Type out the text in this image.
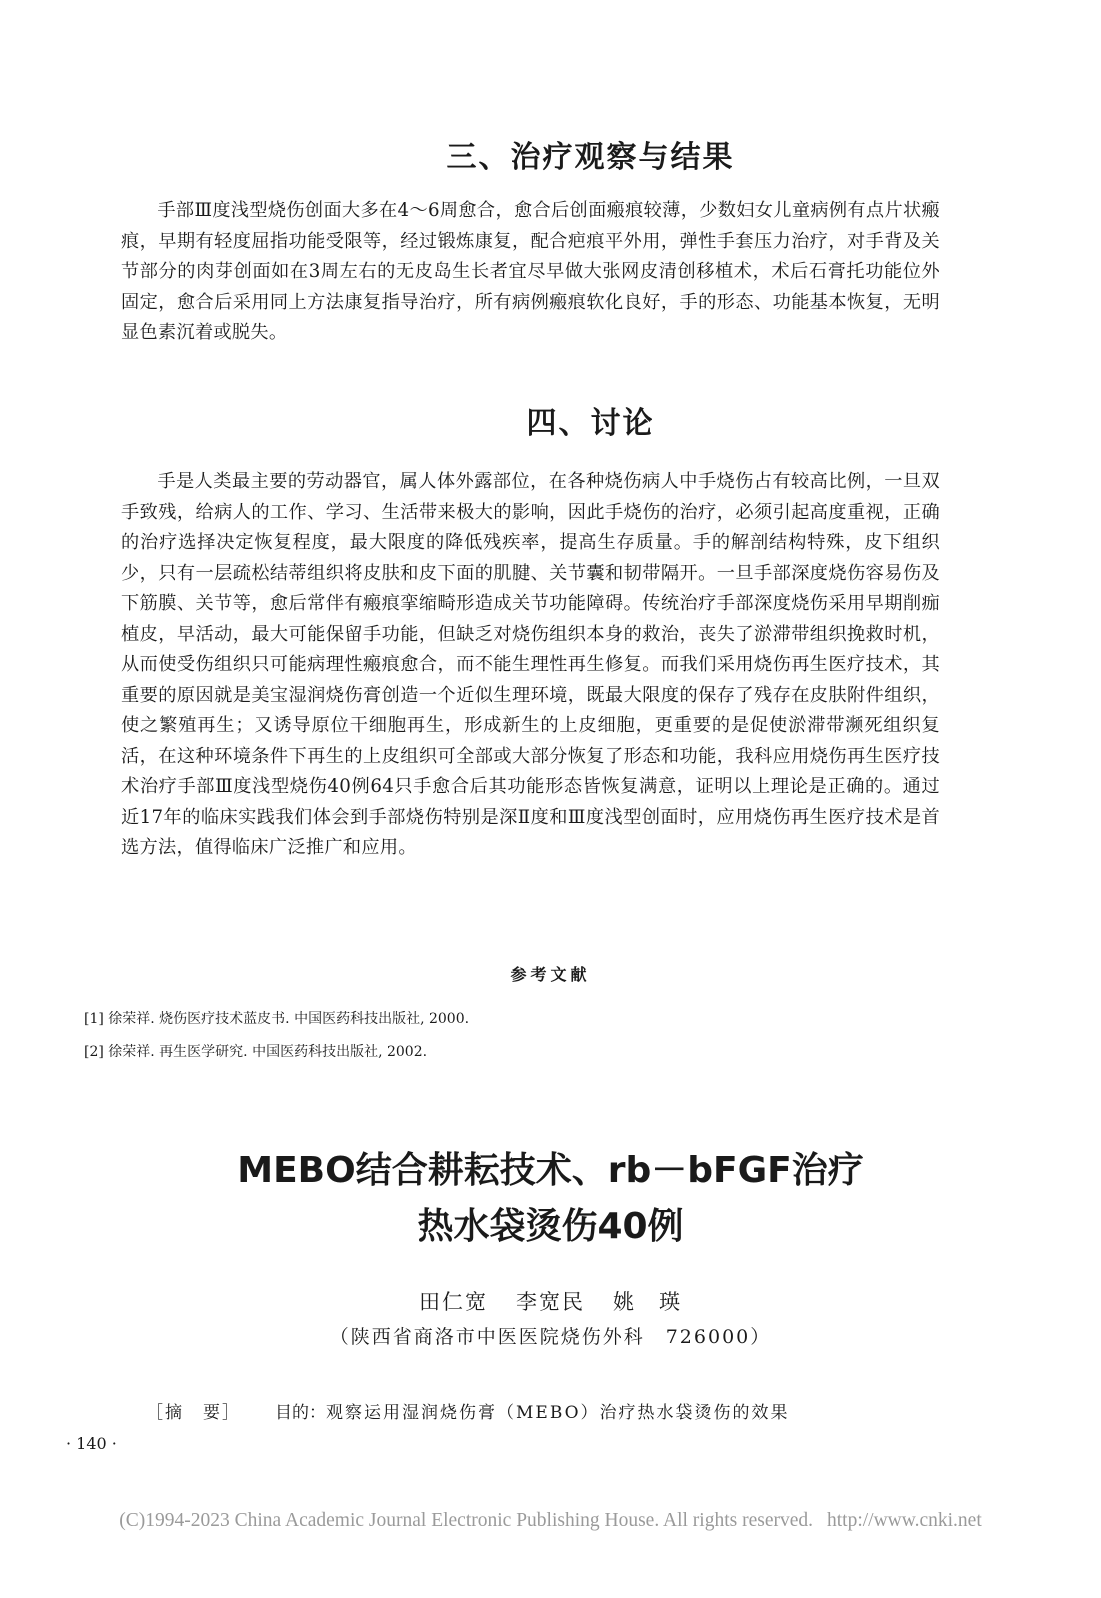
三、治疗观察与结果

手部Ⅲ度浅型烧伤创面大多在4～6周愈合，愈合后创面瘢痕较薄，少数妇女儿童病例有点片状瘢痕，早期有轻度屈指功能受限等，经过锻炼康复，配合疤痕平外用，弹性手套压力治疗，对手背及关节部分的肉芽创面如在3周左右的无皮岛生长者宜尽早做大张网皮清创移植术，术后石膏托功能位外固定，愈合后采用同上方法康复指导治疗，所有病例瘢痕软化良好，手的形态、功能基本恢复，无明显色素沉着或脱失。

四、讨论

手是人类最主要的劳动器官，属人体外露部位，在各种烧伤病人中手烧伤占有较高比例，一旦双手致残，给病人的工作、学习、生活带来极大的影响，因此手烧伤的治疗，必须引起高度重视，正确的治疗选择决定恢复程度，最大限度的降低残疾率，提高生存质量。手的解剖结构特殊，皮下组织少，只有一层疏松结蒂组织将皮肤和皮下面的肌腱、关节囊和韧带隔开。一旦手部深度烧伤容易伤及下筋膜、关节等，愈后常伴有瘢痕挛缩畸形造成关节功能障碍。传统治疗手部深度烧伤采用早期削痂植皮，早活动，最大可能保留手功能，但缺乏对烧伤组织本身的救治，丧失了淤滞带组织挽救时机，从而使受伤组织只可能病理性瘢痕愈合，而不能生理性再生修复。而我们采用烧伤再生医疗技术，其重要的原因就是美宝湿润烧伤膏创造一个近似生理环境，既最大限度的保存了残存在皮肤附件组织，使之繁殖再生；又诱导原位干细胞再生，形成新生的上皮细胞，更重要的是促使淤滞带濒死组织复活，在这种环境条件下再生的上皮组织可全部或大部分恢复了形态和功能，我科应用烧伤再生医疗技术治疗手部Ⅲ度浅型烧伤40例64只手愈合后其功能形态皆恢复满意，证明以上理论是正确的。通过近17年的临床实践我们体会到手部烧伤特别是深Ⅱ度和Ⅲ度浅型创面时，应用烧伤再生医疗技术是首选方法，值得临床广泛推广和应用。

参考文献

[1] 徐荣祥. 烧伤医疗技术蓝皮书. 中国医药科技出版社, 2000.

[2] 徐荣祥. 再生医学研究. 中国医药科技出版社, 2002.

MEBO结合耕耘技术、rb－bFGF治疗
热水袋烫伤40例

田仁宽 李宽民 姚　瑛

（陕西省商洛市中医医院烧伤外科　726000）

［摘　要］ 目的：观察运用湿润烧伤膏（MEBO）治疗热水袋烫伤的效果

· 140 ·

(C)1994-2023 China Academic Journal Electronic Publishing House. All rights reserved. http://www.cnki.net
